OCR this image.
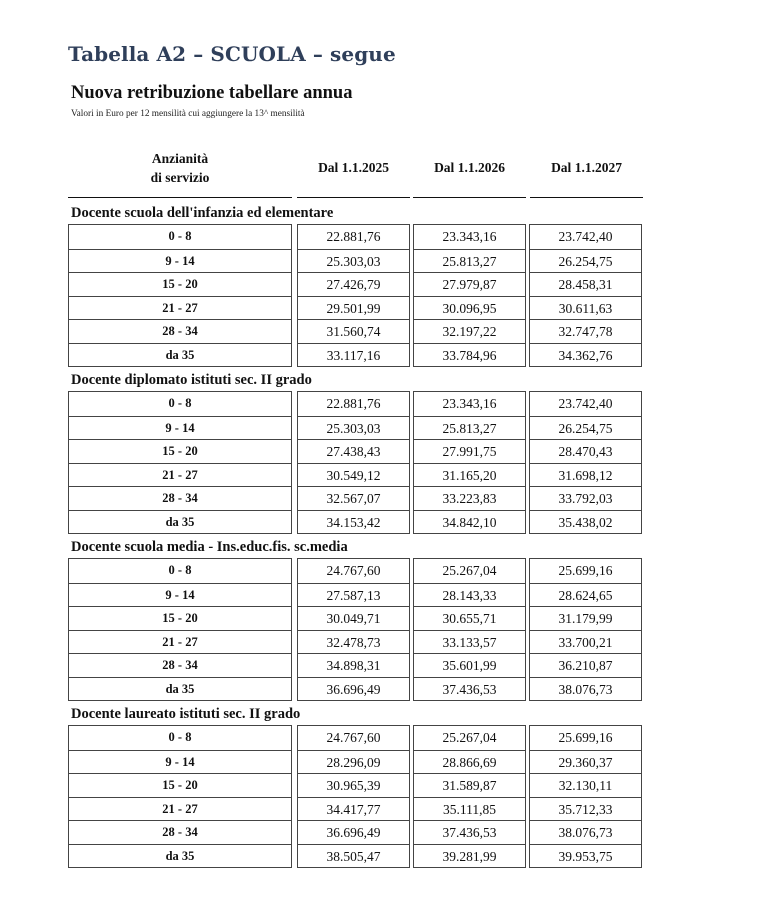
Tabella A2 – SCUOLA – segue
Nuova retribuzione tabellare annua
Valori in Euro per 12 mensilità cui aggiungere la 13^ mensilità
Anzianità
di servizio
Dal 1.1.2025	Dal 1.1.2026	Dal 1.1.2027
Docente scuola dell'infanzia ed elementare
0 - 8
9 - 14
15 - 20
21 - 27
28 - 34
da 35
22.881,76
25.303,03
27.426,79
29.501,99
31.560,74
33.117,16
23.343,16
25.813,27
27.979,87
30.096,95
32.197,22
33.784,96
23.742,40
26.254,75
28.458,31
30.611,63
32.747,78
34.362,76
Docente diplomato istituti sec. II grado
0 - 8
9 - 14
15 - 20
21 - 27
28 - 34
da 35
22.881,76
25.303,03
27.438,43
30.549,12
32.567,07
34.153,42
23.343,16
25.813,27
27.991,75
31.165,20
33.223,83
34.842,10
23.742,40
26.254,75
28.470,43
31.698,12
33.792,03
35.438,02
Docente scuola media - Ins.educ.fis. sc.media
0 - 8
9 - 14
15 - 20
21 - 27
28 - 34
da 35
24.767,60
27.587,13
30.049,71
32.478,73
34.898,31
36.696,49
25.267,04
28.143,33
30.655,71
33.133,57
35.601,99
37.436,53
25.699,16
28.624,65
31.179,99
33.700,21
36.210,87
38.076,73
Docente laureato istituti sec. II grado
0 - 8
9 - 14
15 - 20
21 - 27
28 - 34
da 35
24.767,60
28.296,09
30.965,39
34.417,77
36.696,49
38.505,47
25.267,04
28.866,69
31.589,87
35.111,85
37.436,53
39.281,99
25.699,16
29.360,37
32.130,11
35.712,33
38.076,73
39.953,75
